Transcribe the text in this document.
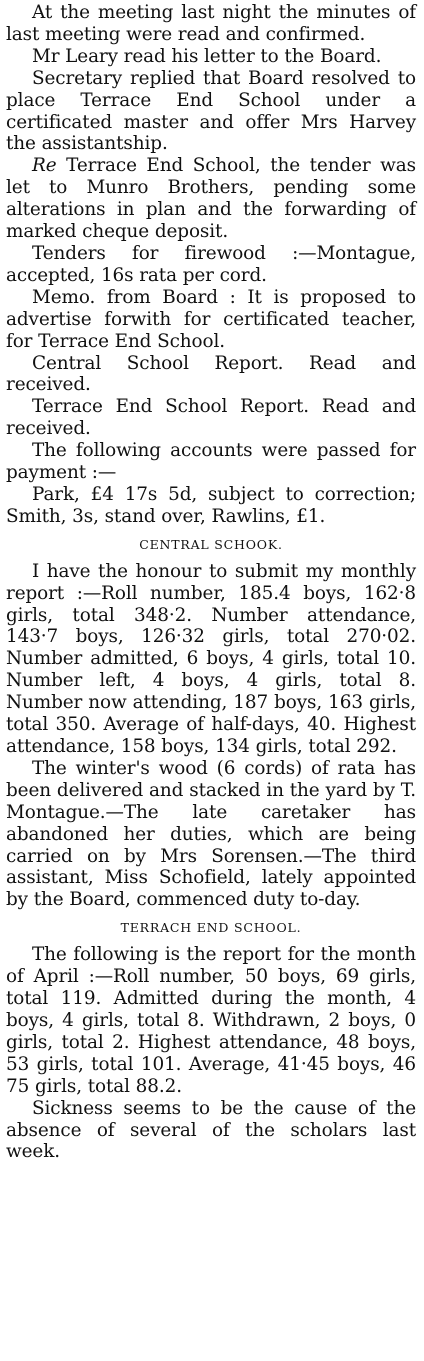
At the meeting last night the minutes of last meeting were read and confirmed.

Mr Leary read his letter to the Board.

Secretary replied that Board resolved to place Terrace End School under a certificated master and offer Mrs Harvey the assistantship.

Re Terrace End School, the tender was let to Munro Brothers, pending some alterations in plan and the forwarding of marked cheque deposit.

Tenders for firewood :—Montague, accepted, 16s rata per cord.

Memo. from Board : It is proposed to advertise forwith for certificated teacher, for Terrace End School.

Central School Report. Read and received.

Terrace End School Report. Read and received.

The following accounts were passed for payment :—

Park, £4 17s 5d, subject to correction; Smith, 3s, stand over, Rawlins, £1.

CENTRAL SCHOOK.

I have the honour to submit my monthly report :—Roll number, 185.4 boys, 162·8 girls, total 348·2. Number attendance, 143·7 boys, 126·32 girls, total 270·02. Number admitted, 6 boys, 4 girls, total 10. Number left, 4 boys, 4 girls, total 8. Number now attending, 187 boys, 163 girls, total 350. Average of half-days, 40. Highest attendance, 158 boys, 134 girls, total 292.

The winter's wood (6 cords) of rata has been delivered and stacked in the yard by T. Montague.—The late caretaker has abandoned her duties, which are being carried on by Mrs Sorensen.—The third assistant, Miss Schofield, lately appointed by the Board, commenced duty to-day.

TERRACH END SCHOOL.

The following is the report for the month of April :—Roll number, 50 boys, 69 girls, total 119. Admitted during the month, 4 boys, 4 girls, total 8. Withdrawn, 2 boys, 0 girls, total 2. Highest attendance, 48 boys, 53 girls, total 101. Average, 41·45 boys, 46 75 girls, total 88.2.

Sickness seems to be the cause of the absence of several of the scholars last week.
